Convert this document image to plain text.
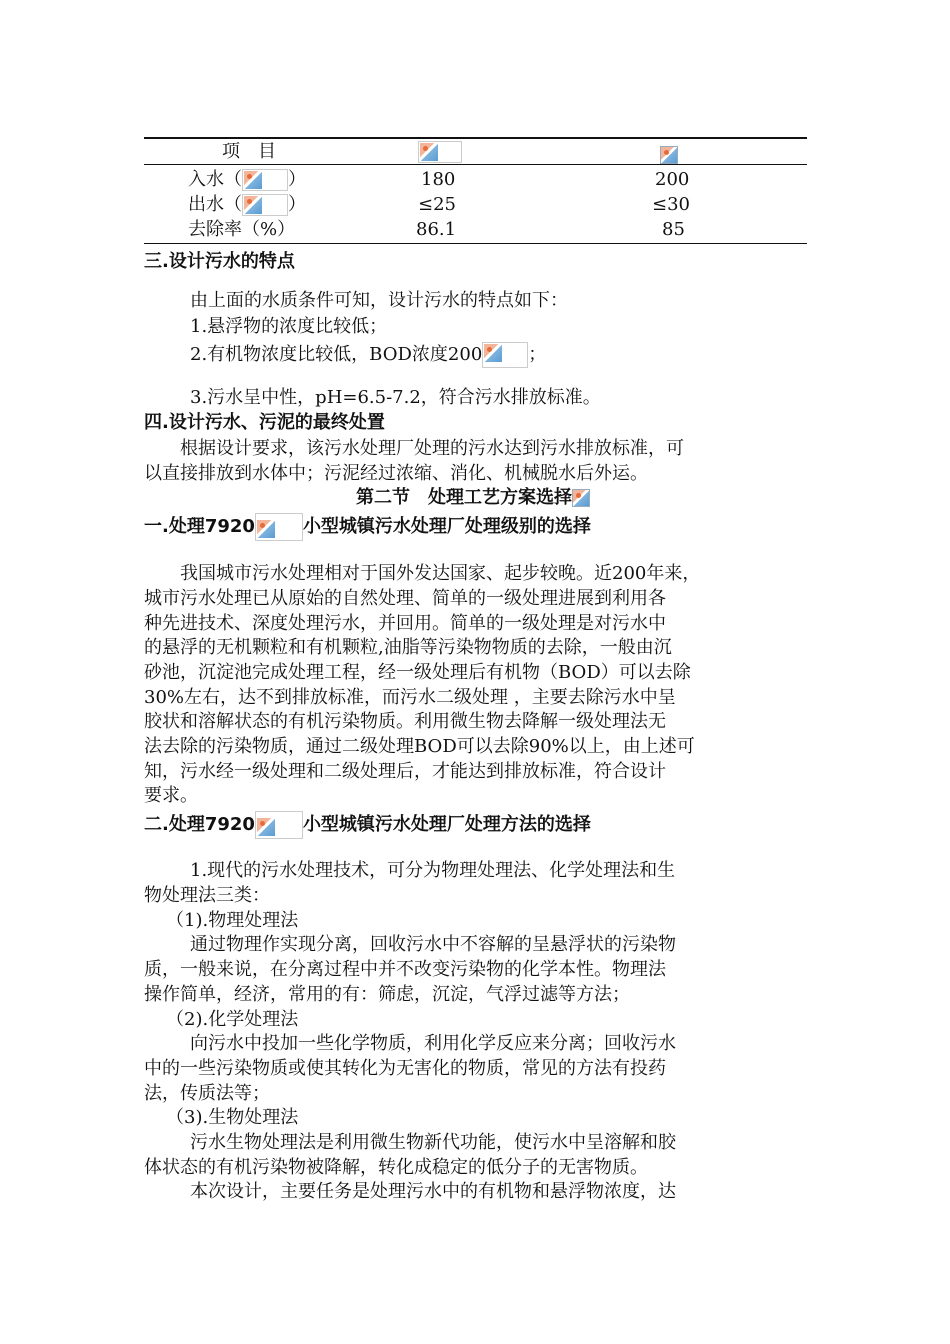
项　目
入水（	）	180	200
出水（	）	≤25	≤30
去除率（%）	86.1	85
三.设计污水的特点
由上面的水质条件可知，设计污水的特点如下：
1.悬浮物的浓度比较低；
2.有机物浓度比较低，BOD浓度200	；
3.污水呈中性，pH=6.5-7.2，符合污水排放标准。
四.设计污水、污泥的最终处置
根据设计要求，该污水处理厂处理的污水达到污水排放标准，可
以直接排放到水体中；污泥经过浓缩、消化、机械脱水后外运。
第二节　处理工艺方案选择
一.处理7920	小型城镇污水处理厂处理级别的选择
我国城市污水处理相对于国外发达国家、起步较晚。近200年来，
城市污水处理已从原始的自然处理、简单的一级处理进展到利用各
种先进技术、深度处理污水，并回用。简单的一级处理是对污水中
的悬浮的无机颗粒和有机颗粒,油脂等污染物物质的去除，一般由沉
砂池，沉淀池完成处理工程，经一级处理后有机物（BOD）可以去除
30%左右，达不到排放标准，而污水二级处理 ，主要去除污水中呈
胶状和溶解状态的有机污染物质。利用微生物去降解一级处理法无
法去除的污染物质，通过二级处理BOD可以去除90%以上，由上述可
知，污水经一级处理和二级处理后，才能达到排放标准，符合设计
要求。
二.处理7920	小型城镇污水处理厂处理方法的选择
1.现代的污水处理技术，可分为物理处理法、化学处理法和生
物处理法三类：
（1).物理处理法
通过物理作实现分离，回收污水中不容解的呈悬浮状的污染物
质，一般来说，在分离过程中并不改变污染物的化学本性。物理法
操作简单，经济，常用的有：筛虑，沉淀，气浮过滤等方法；
（2).化学处理法
向污水中投加一些化学物质，利用化学反应来分离；回收污水
中的一些污染物质或使其转化为无害化的物质，常见的方法有投药
法，传质法等；
（3).生物处理法
污水生物处理法是利用微生物新代功能，使污水中呈溶解和胶
体状态的有机污染物被降解，转化成稳定的低分子的无害物质。
本次设计，主要任务是处理污水中的有机物和悬浮物浓度，达
